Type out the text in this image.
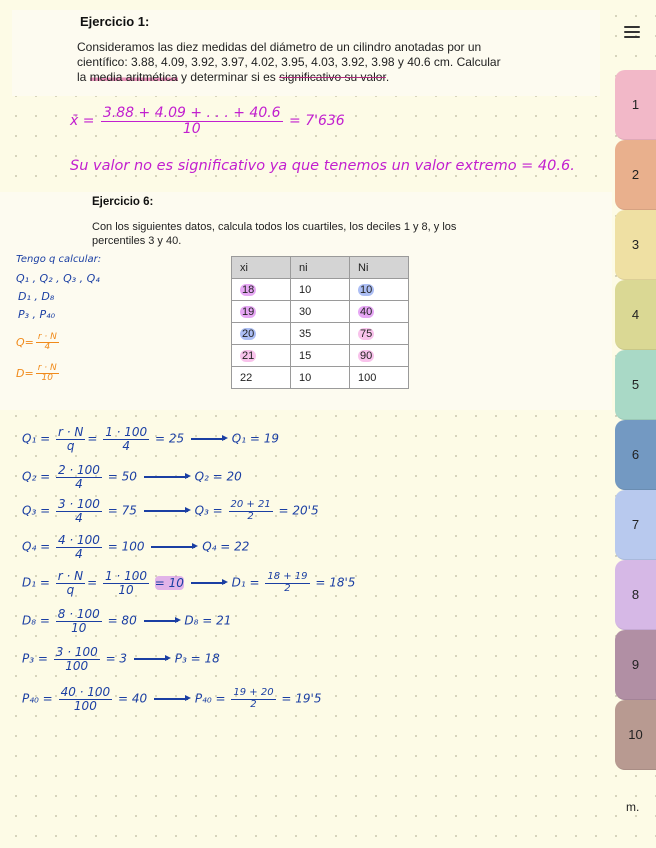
Ejercicio 1:
Consideramos las diez medidas del diámetro de un cilindro anotadas por un
científico: 3.88, 4.09, 3.92, 3.97, 4.02, 3.95, 4.03, 3.92, 3.98 y 40.6 cm. Calcular
la media aritmética y determinar si es significativo su valor.
x̄ = $\frac{3.88 + 4.09 + . . . + 40.6}{10} = 7'636$
Su valor no es significativo ya que tenemos un valor extremo = 40.6.
Ejercicio 6:
Con los siguientes datos, calcula todos los cuartiles, los deciles 1 y 8, y los
percentiles 3 y 40.
Tengo q calcular:
Q₁ , Q₂ , Q₃ , Q₄
D₁ , D₈
P₃ , P₄₀
$Q= \frac{r \cdot N}{4}$
$D= \frac{r \cdot N}{10}$
xi	ni	Ni
18	10	10
19	30	40
20	35	75
21	15	90
22	10	100
$Q_1 = \frac{r \cdot N}{q} = \frac{1 \cdot 100}{4} = 25$	Q₁ = 19
$Q_2 = \frac{2 \cdot 100}{4} = 50$	Q₂ = 20
$Q_3 = \frac{3 \cdot 100}{4} = 75$	$Q_3 = \frac{20 + 21}{2} = 20'5$
$Q_4 = \frac{4 \cdot 100}{4} = 100$	Q₄ = 22
$D_1 = \frac{r \cdot N}{q} = \frac{1 \cdot 100}{10} = 10$	$D_1 = \frac{18 + 19}{2} = 18'5$
$D_8 = \frac{8 \cdot 100}{10} = 80$	D₈ = 21
$P_3 = \frac{3 \cdot 100}{100} = 3$	P₃ = 18
$P_{40} = \frac{40 \cdot 100}{100} = 40$	$P_{40} = \frac{19 + 20}{2} = 19'5$
1
2
3
4
5
6
7
8
9
10
m.
